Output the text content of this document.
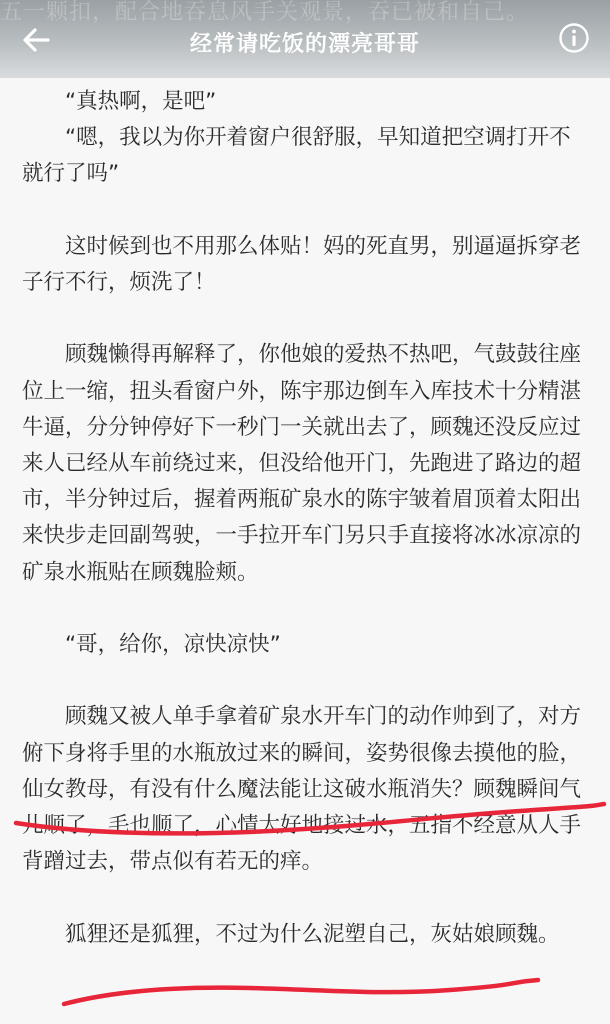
五一颗扣，配合地吞息风手关观景，吞已被和自己。
经常请吃饭的漂亮哥哥

“真热啊，是吧”

“嗯，我以为你开着窗户很舒服，早知道把空调打开不就行了吗”

这时候到也不用那么体贴！妈的死直男，别逼逼拆穿老子行不行，烦洗了！

顾魏懒得再解释了，你他娘的爱热不热吧，气鼓鼓往座位上一缩，扭头看窗户外，陈宇那边倒车入库技术十分精湛牛逼，分分钟停好下一秒门一关就出去了，顾魏还没反应过来人已经从车前绕过来，但没给他开门，先跑进了路边的超市，半分钟过后，握着两瓶矿泉水的陈宇皱着眉顶着太阳出来快步走回副驾驶，一手拉开车门另只手直接将冰冰凉凉的矿泉水瓶贴在顾魏脸颊。

“哥，给你，凉快凉快”

顾魏又被人单手拿着矿泉水开车门的动作帅到了，对方俯下身将手里的水瓶放过来的瞬间，姿势很像去摸他的脸，仙女教母，有没有什么魔法能让这破水瓶消失？顾魏瞬间气儿顺了，毛也顺了，心情大好地接过水，五指不经意从人手背蹭过去，带点似有若无的痒。

狐狸还是狐狸，不过为什么泥塑自己，灰姑娘顾魏。
